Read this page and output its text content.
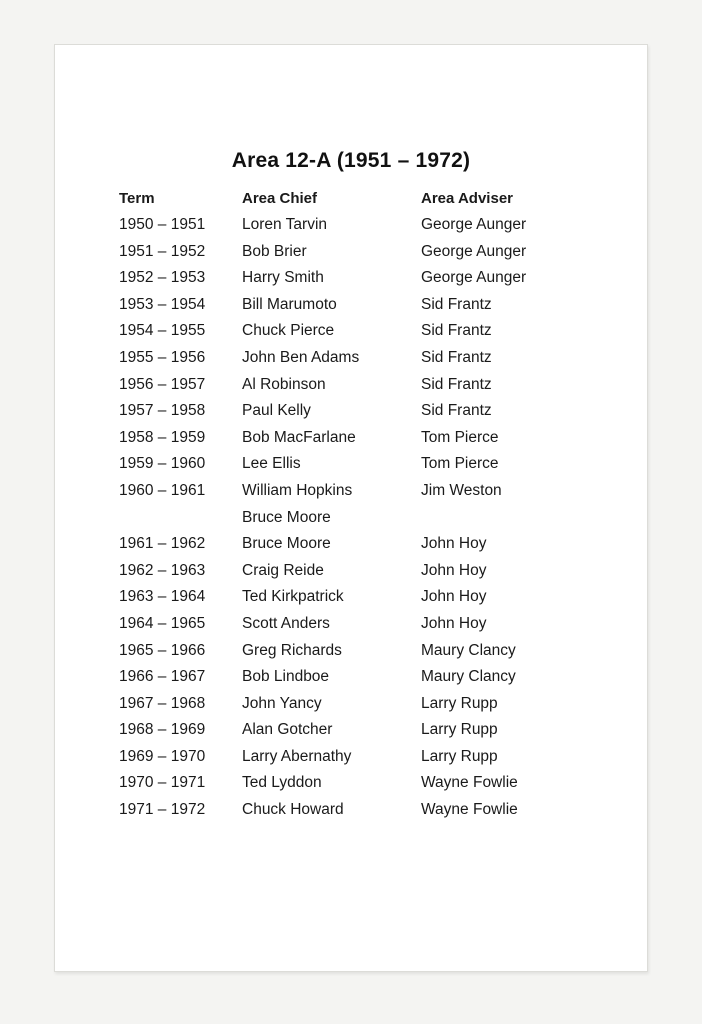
Area 12-A (1951 – 1972)
Term	Area Chief	Area Adviser
1950 – 1951 Loren Tarvin	George Aunger
1951 – 1952 Bob Brier	George Aunger
1952 – 1953 Harry Smith	George Aunger
1953 – 1954 Bill Marumoto	Sid Frantz
1954 – 1955 Chuck Pierce	Sid Frantz
1955 – 1956 John Ben Adams	Sid Frantz
1956 – 1957 Al Robinson	Sid Frantz
1957 – 1958 Paul Kelly	Sid Frantz
1958 – 1959 Bob MacFarlane	Tom Pierce
1959 – 1960 Lee Ellis	Tom Pierce
1960 – 1961 William Hopkins	Jim Weston
Bruce Moore
1961 – 1962 Bruce Moore	John Hoy
1962 – 1963 Craig Reide	John Hoy
1963 – 1964 Ted Kirkpatrick	John Hoy
1964 – 1965 Scott Anders	John Hoy
1965 – 1966 Greg Richards	Maury Clancy
1966 – 1967 Bob Lindboe	Maury Clancy
1967 – 1968 John Yancy	Larry Rupp
1968 – 1969 Alan Gotcher	Larry Rupp
1969 – 1970 Larry Abernathy	Larry Rupp
1970 – 1971 Ted Lyddon	Wayne Fowlie
1971 – 1972 Chuck Howard	Wayne Fowlie
